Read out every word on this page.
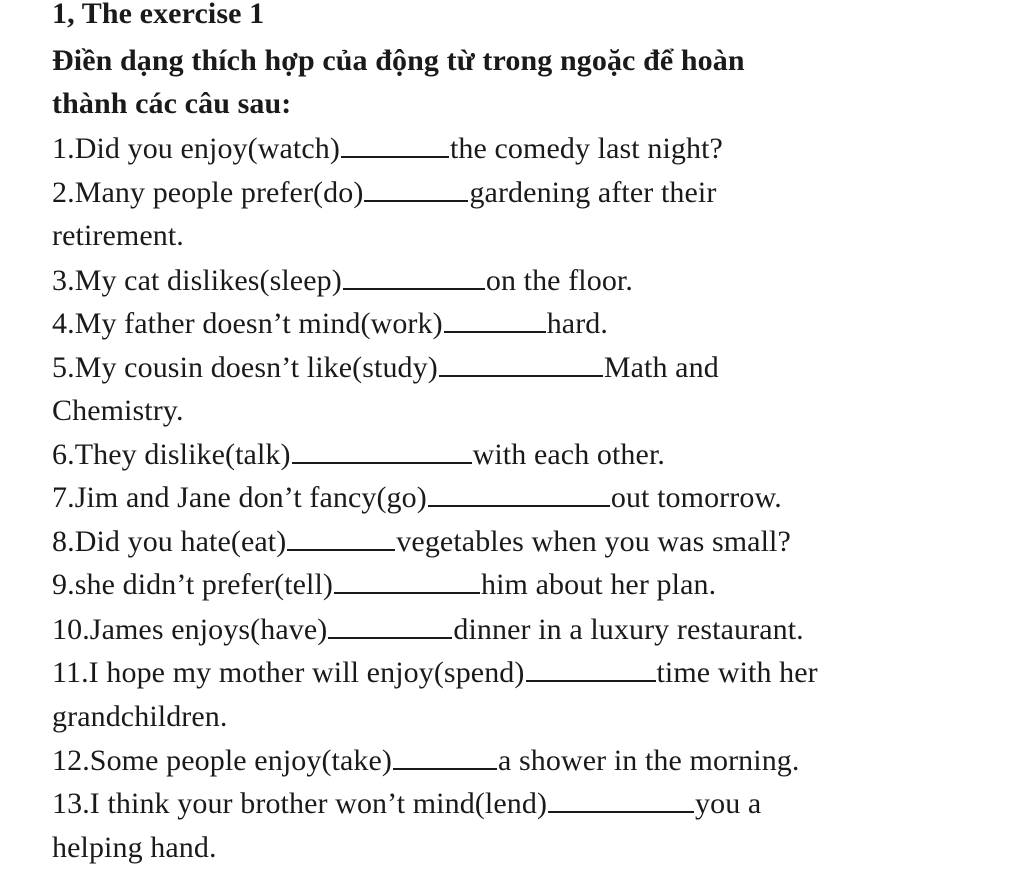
1, The exercise 1
Điền dạng thích hợp của động từ trong ngoặc để hoàn
thành các câu sau:
1.Did you enjoy(watch)	the comedy last night?
2.Many people prefer(do)	gardening after their
retirement.
3.My cat dislikes(sleep)	on the floor.
4.My father doesn’t mind(work)	hard.
5.My cousin doesn’t like(study)	Math and
Chemistry.
6.They dislike(talk)	with each other.
7.Jim and Jane don’t fancy(go)	out tomorrow.
8.Did you hate(eat)	vegetables when you was small?
9.she didn’t prefer(tell)	him about her plan.
10.James enjoys(have)	dinner in a luxury restaurant.
11.I hope my mother will enjoy(spend)	time with her
grandchildren.
12.Some people enjoy(take)	a shower in the morning.
13.I think your brother won’t mind(lend)	you a
helping hand.
